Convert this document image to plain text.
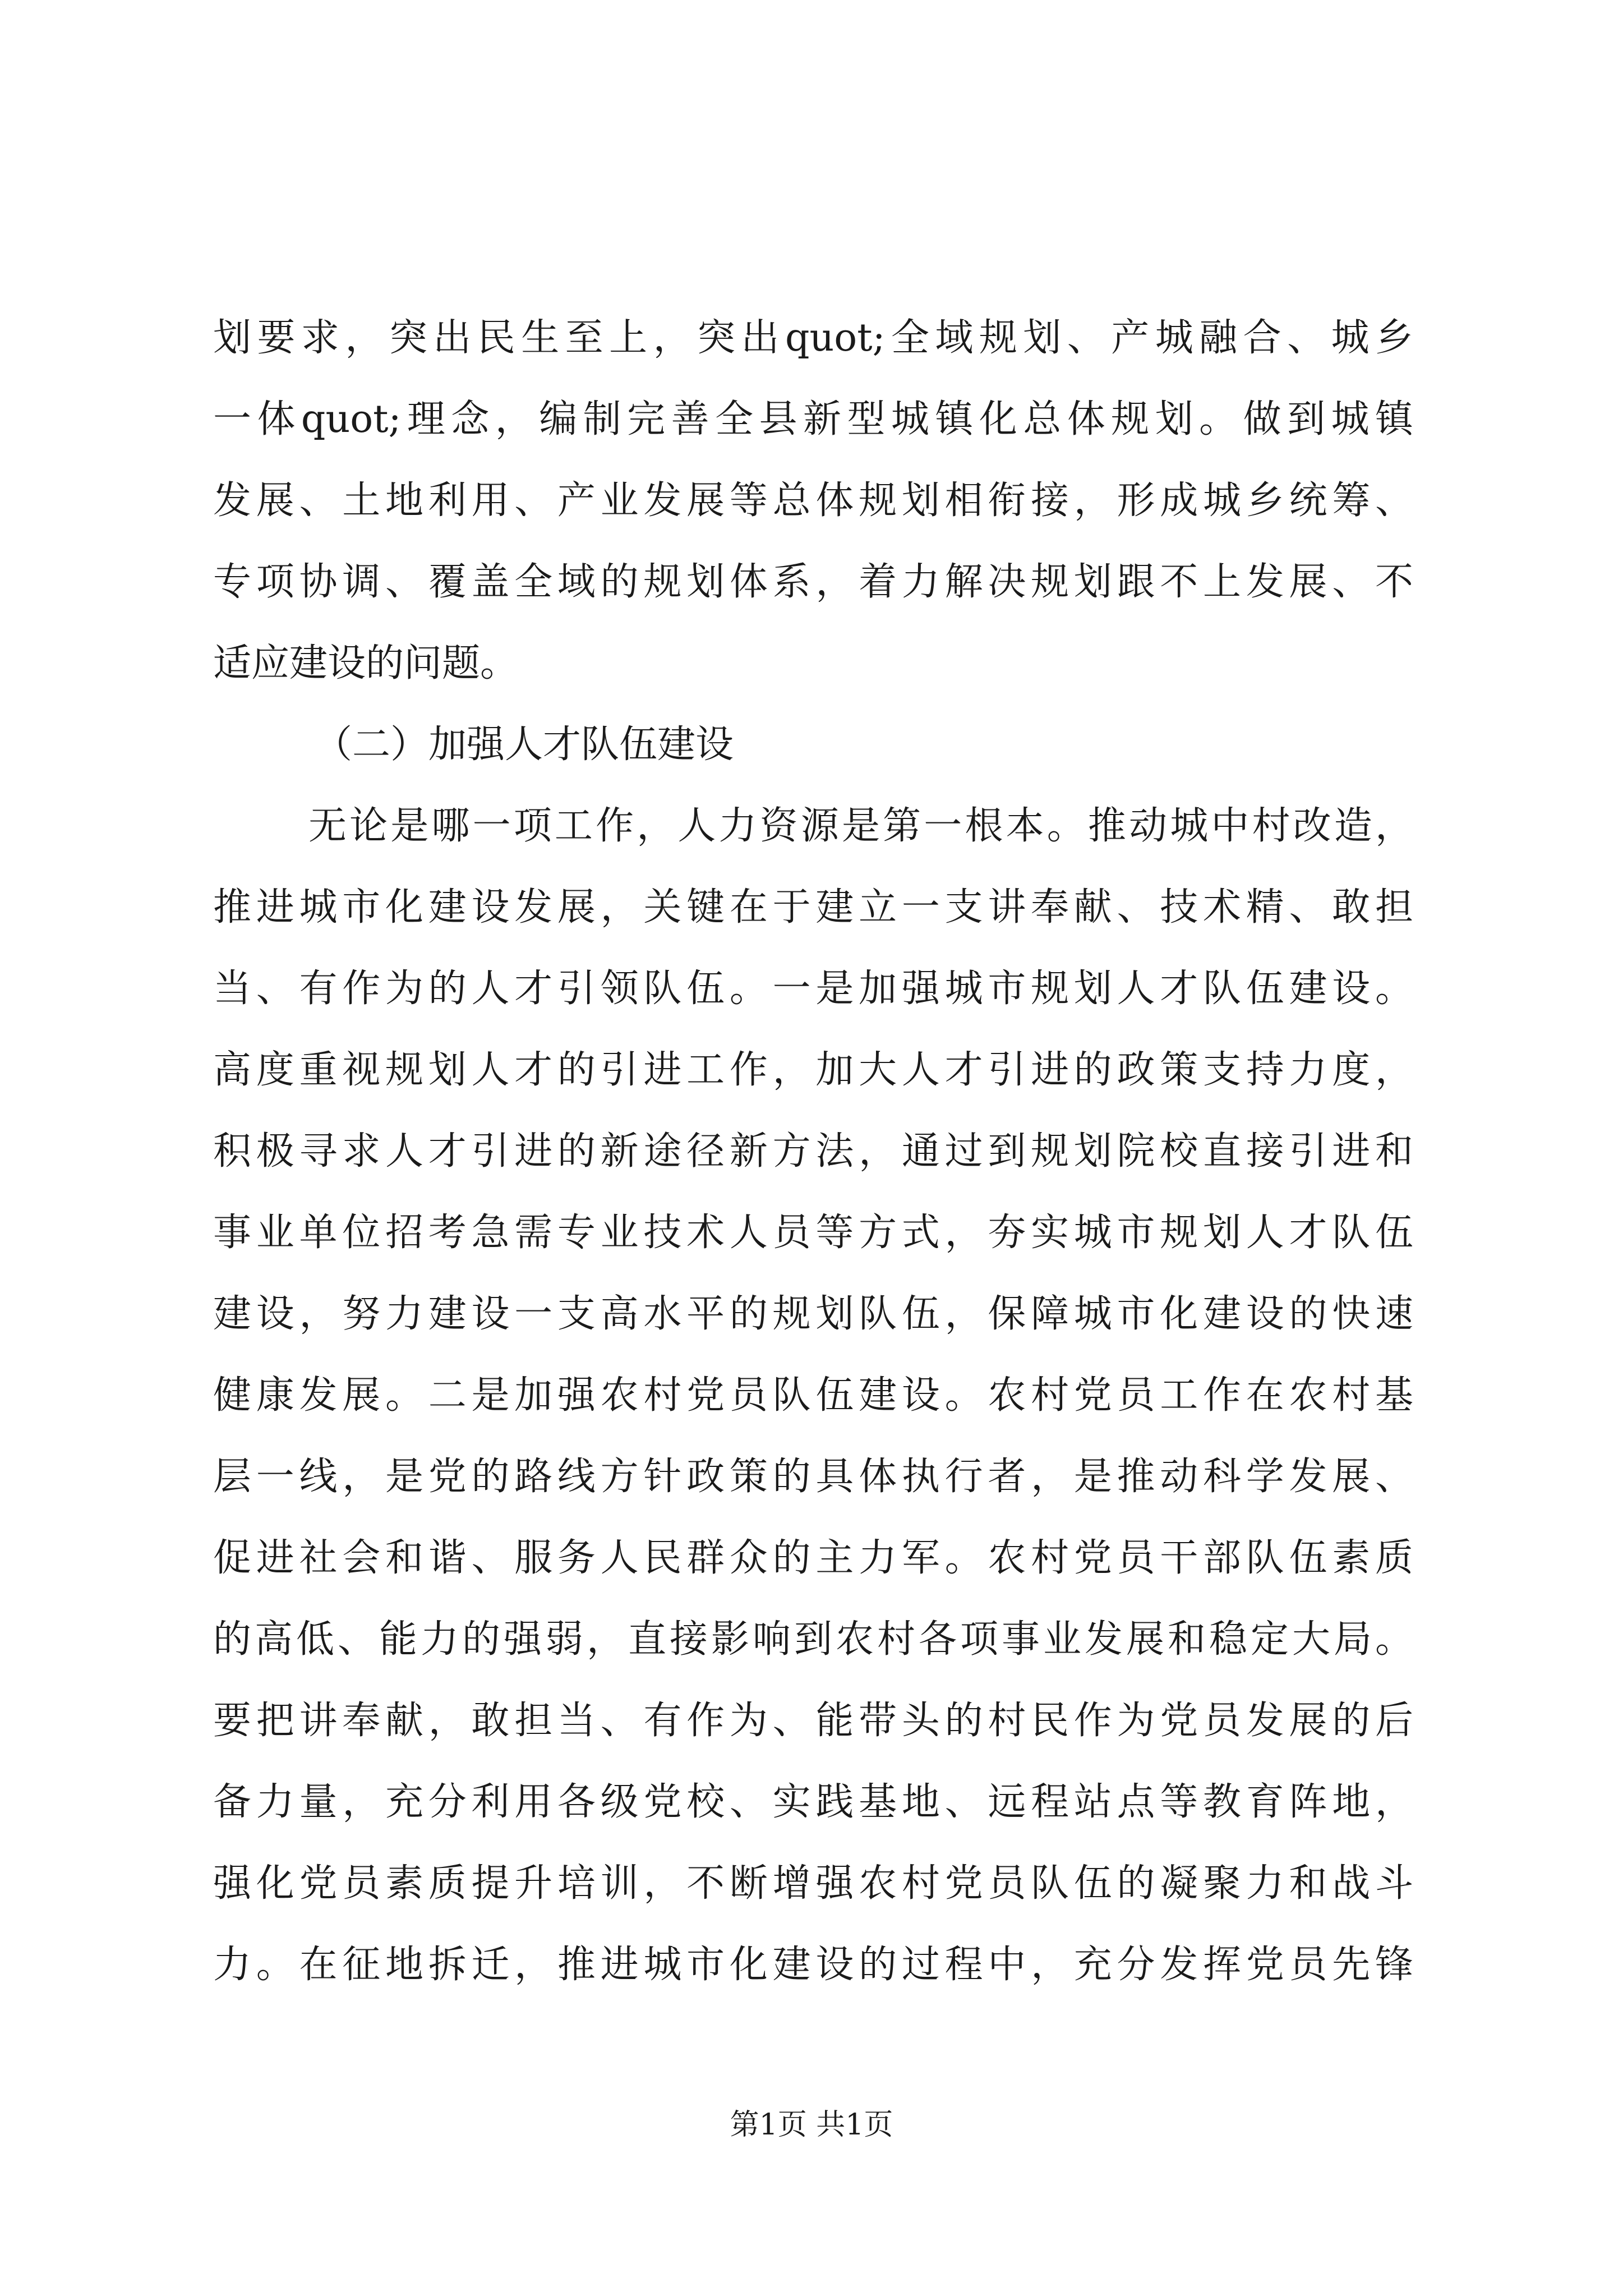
划要求，突出民生至上，突出quot;全域规划、产城融合、城乡
一体quot;理念，编制完善全县新型城镇化总体规划。做到城镇
发展、土地利用、产业发展等总体规划相衔接，形成城乡统筹、
专项协调、覆盖全域的规划体系，着力解决规划跟不上发展、不
适应建设的问题。
（二）加强人才队伍建设
无论是哪一项工作，人力资源是第一根本。推动城中村改造，
推进城市化建设发展，关键在于建立一支讲奉献、技术精、敢担
当、有作为的人才引领队伍。一是加强城市规划人才队伍建设。
高度重视规划人才的引进工作，加大人才引进的政策支持力度，
积极寻求人才引进的新途径新方法，通过到规划院校直接引进和
事业单位招考急需专业技术人员等方式，夯实城市规划人才队伍
建设，努力建设一支高水平的规划队伍，保障城市化建设的快速
健康发展。二是加强农村党员队伍建设。农村党员工作在农村基
层一线，是党的路线方针政策的具体执行者，是推动科学发展、
促进社会和谐、服务人民群众的主力军。农村党员干部队伍素质
的高低、能力的强弱，直接影响到农村各项事业发展和稳定大局。
要把讲奉献，敢担当、有作为、能带头的村民作为党员发展的后
备力量，充分利用各级党校、实践基地、远程站点等教育阵地，
强化党员素质提升培训，不断增强农村党员队伍的凝聚力和战斗
力。在征地拆迁，推进城市化建设的过程中，充分发挥党员先锋
第1页 共1页
